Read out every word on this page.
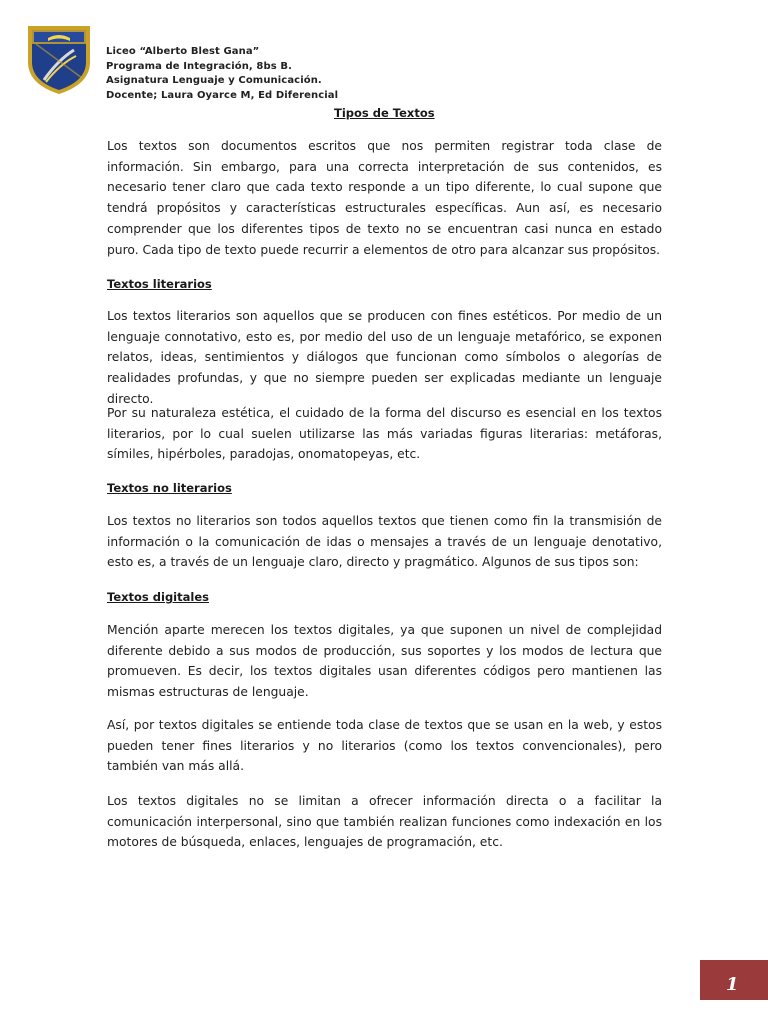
Liceo “Alberto Blest Gana”
Programa de Integración, 8bs B.
Asignatura Lenguaje y Comunicación.
Docente; Laura Oyarce M, Ed Diferencial
Tipos de Textos

Los textos son documentos escritos que nos permiten registrar toda clase de información. Sin embargo, para una correcta interpretación de sus contenidos, es necesario tener claro que cada texto responde a un tipo diferente, lo cual supone que tendrá propósitos y características estructurales específicas. Aun así, es necesario comprender que los diferentes tipos de texto no se encuentran casi nunca en estado puro. Cada tipo de texto puede recurrir a elementos de otro para alcanzar sus propósitos.

Textos literarios

Los textos literarios son aquellos que se producen con fines estéticos. Por medio de un lenguaje connotativo, esto es, por medio del uso de un lenguaje metafórico, se exponen relatos, ideas, sentimientos y diálogos que funcionan como símbolos o alegorías de realidades profundas, y que no siempre pueden ser explicadas mediante un lenguaje directo.

Por su naturaleza estética, el cuidado de la forma del discurso es esencial en los textos literarios, por lo cual suelen utilizarse las más variadas figuras literarias: metáforas, símiles, hipérboles, paradojas, onomatopeyas, etc.

Textos no literarios

Los textos no literarios son todos aquellos textos que tienen como fin la transmisión de información o la comunicación de idas o mensajes a través de un lenguaje denotativo, esto es, a través de un lenguaje claro, directo y pragmático. Algunos de sus tipos son:

Textos digitales

Mención aparte merecen los textos digitales, ya que suponen un nivel de complejidad diferente debido a sus modos de producción, sus soportes y los modos de lectura que promueven. Es decir, los textos digitales usan diferentes códigos pero mantienen las mismas estructuras de lenguaje.

Así, por textos digitales se entiende toda clase de textos que se usan en la web, y estos pueden tener fines literarios y no literarios (como los textos convencionales), pero también van más allá.

Los textos digitales no se limitan a ofrecer información directa o a facilitar la comunicación interpersonal, sino que también realizan funciones como indexación en los motores de búsqueda, enlaces, lenguajes de programación, etc.

1
